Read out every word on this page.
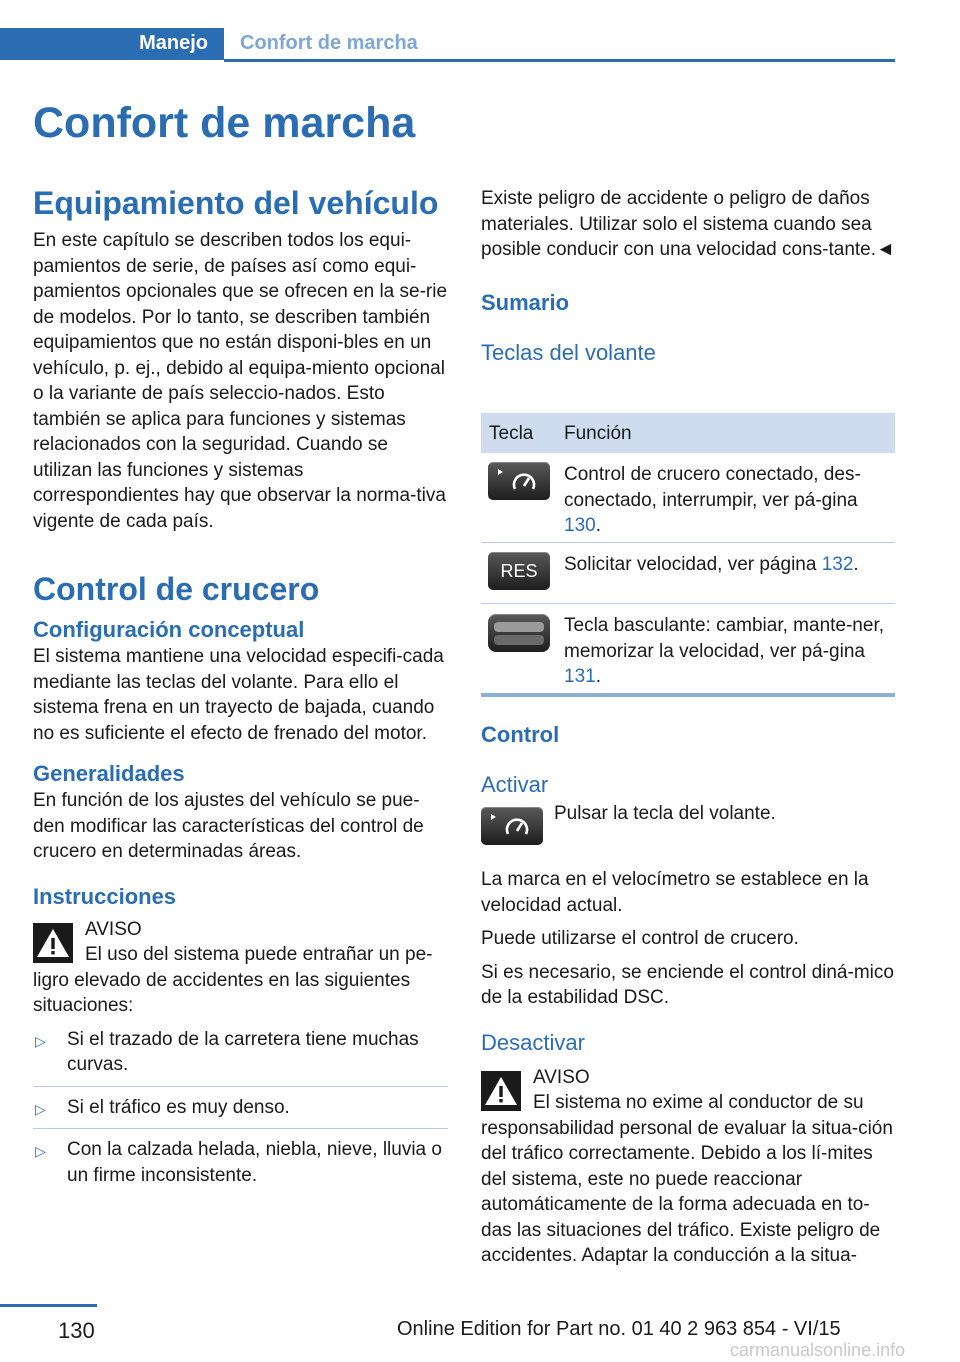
Manejo Confort de marcha
Confort de marcha
Equipamiento del vehículo

En este capítulo se describen todos los equi-pamientos de serie, de países así como equi-pamientos opcionales que se ofrecen en la se-rie de modelos. Por lo tanto, se describen también equipamientos que no están disponi-bles en un vehículo, p. ej., debido al equipa-miento opcional o la variante de país seleccio-nados. Esto también se aplica para funciones y sistemas relacionados con la seguridad. Cuando se utilizan las funciones y sistemas correspondientes hay que observar la norma-tiva vigente de cada país.

Control de crucero
Configuración conceptual

El sistema mantiene una velocidad especifi-cada mediante las teclas del volante. Para ello el sistema frena en un trayecto de bajada, cuando no es suficiente el efecto de frenado del motor.

Generalidades

En función de los ajustes del vehículo se pue-den modificar las características del control de crucero en determinadas áreas.

Instrucciones

AVISO

El uso del sistema puede entrañar un pe-ligro elevado de accidentes en las siguientes situaciones:

▷ Si el trazado de la carretera tiene muchas curvas.
▷ Si el tráfico es muy denso.
▷ Con la calzada helada, niebla, nieve, lluvia o un firme inconsistente.

Existe peligro de accidente o peligro de daños materiales. Utilizar solo el sistema cuando sea posible conducir con una velocidad cons-tante.◄

Sumario
Teclas del volante
Tecla Función
Control de crucero conectado, des-conectado, interrumpir, ver pá-gina 130.
RES Solicitar velocidad, ver página 132.
Tecla basculante: cambiar, mante-ner, memorizar la velocidad, ver pá-gina 131.
Control
Activar

Pulsar la tecla del volante.

La marca en el velocímetro se establece en la velocidad actual.

Puede utilizarse el control de crucero.

Si es necesario, se enciende el control diná-mico de la estabilidad DSC.

Desactivar

AVISO

El sistema no exime al conductor de su responsabilidad personal de evaluar la situa-ción del tráfico correctamente. Debido a los lí-mites del sistema, este no puede reaccionar automáticamente de la forma adecuada en to-das las situaciones del tráfico. Existe peligro de accidentes. Adaptar la conducción a la situa-

130	Online Edition for Part no. 01 40 2 963 854 - VI/15
carmanualsonline.info
